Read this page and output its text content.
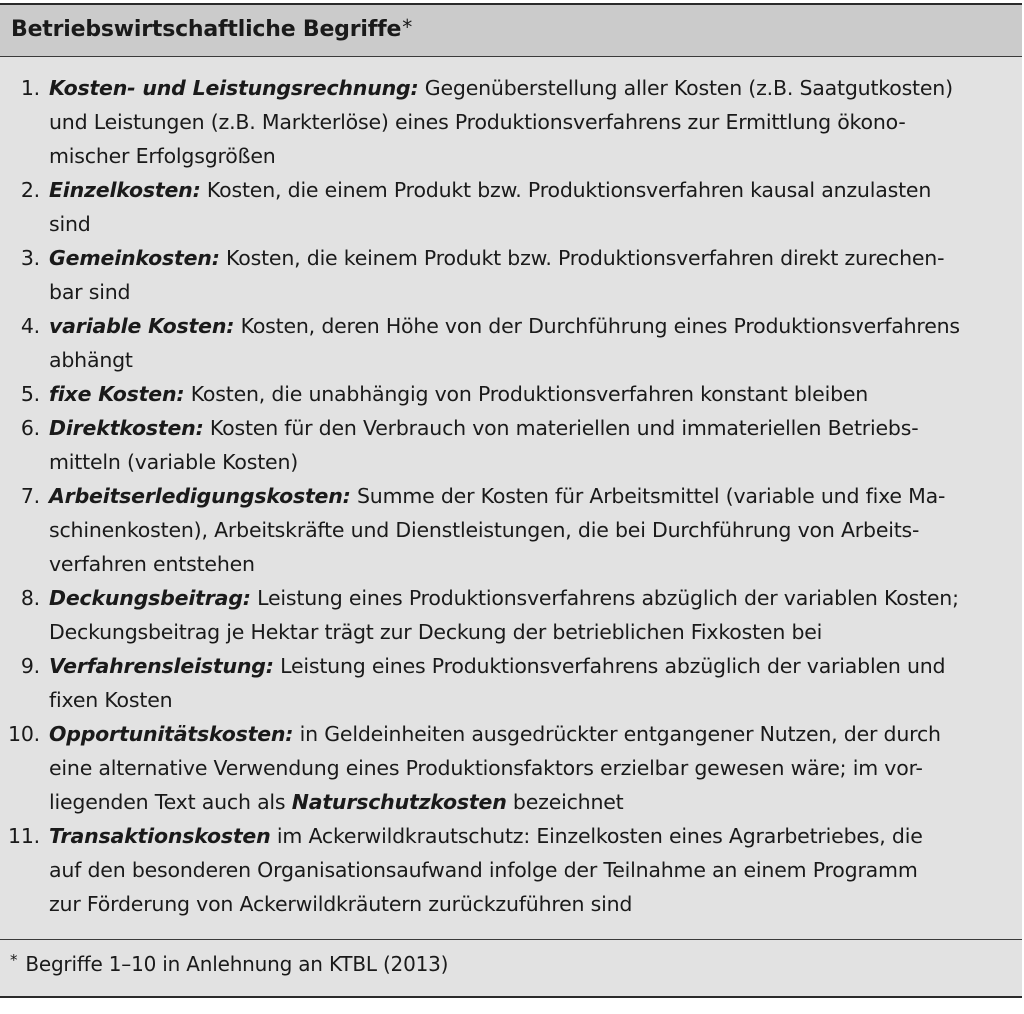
Betriebswirtschaftliche Begriffe*
1. Kosten- und Leistungsrechnung: Gegenüberstellung aller Kosten (z.B. Saatgutkosten)
und Leistungen (z.B. Markterlöse) eines Produktionsverfahrens zur Ermittlung ökono-
mischer Erfolgsgrößen
2. Einzelkosten: Kosten, die einem Produkt bzw. Produktionsverfahren kausal anzulasten
sind
3. Gemeinkosten: Kosten, die keinem Produkt bzw. Produktionsverfahren direkt zurechen-
bar sind
4. variable Kosten: Kosten, deren Höhe von der Durchführung eines Produktionsverfahrens
abhängt
5. fixe Kosten: Kosten, die unabhängig von Produktionsverfahren konstant bleiben
6. Direktkosten: Kosten für den Verbrauch von materiellen und immateriellen Betriebs-
mitteln (variable Kosten)
7. Arbeitserledigungskosten: Summe der Kosten für Arbeitsmittel (variable und fixe Ma-
schinenkosten), Arbeitskräfte und Dienstleistungen, die bei Durchführung von Arbeits-
verfahren entstehen
8. Deckungsbeitrag: Leistung eines Produktionsverfahrens abzüglich der variablen Kosten;
Deckungsbeitrag je Hektar trägt zur Deckung der betrieblichen Fixkosten bei
9. Verfahrensleistung: Leistung eines Produktionsverfahrens abzüglich der variablen und
fixen Kosten
10. Opportunitätskosten: in Geldeinheiten ausgedrückter entgangener Nutzen, der durch
eine alternative Verwendung eines Produktionsfaktors erzielbar gewesen wäre; im vor-
liegenden Text auch als Naturschutzkosten bezeichnet
11. Transaktionskosten im Ackerwildkrautschutz: Einzelkosten eines Agrarbetriebes, die
auf den besonderen Organisationsaufwand infolge der Teilnahme an einem Programm
zur Förderung von Ackerwildkräutern zurückzuführen sind
* Begriffe 1–10 in Anlehnung an KTBL (2013)
